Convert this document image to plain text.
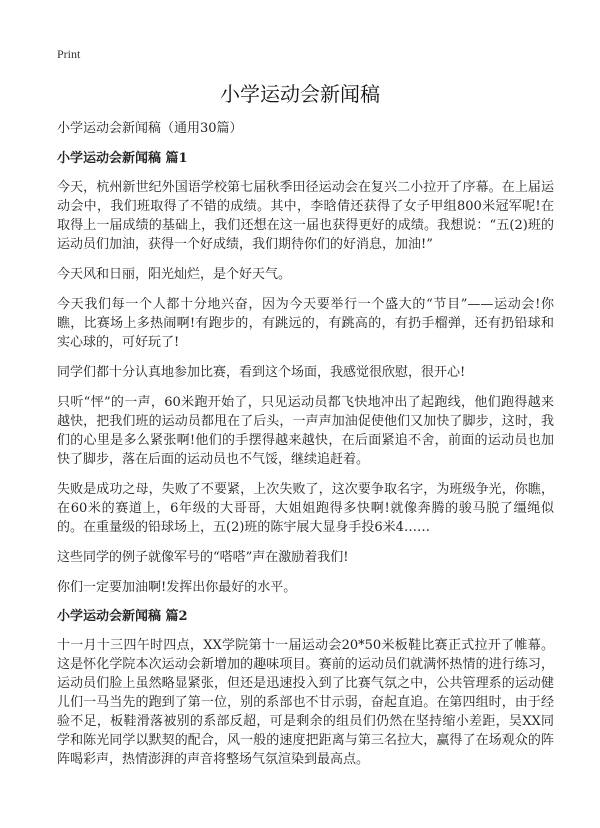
Print
小学运动会新闻稿
小学运动会新闻稿（通用30篇）
小学运动会新闻稿 篇1
今天，杭州新世纪外国语学校第七届秋季田径运动会在复兴二小拉开了序幕。在上届运动会中，我们班取得了不错的成绩。其中，李晗倩还获得了女子甲组800米冠军呢!在取得上一届成绩的基础上，我们还想在这一届也获得更好的成绩。我想说：“五(2)班的运动员们加油，获得一个好成绩，我们期待你们的好消息，加油!”
今天风和日丽，阳光灿烂，是个好天气。
今天我们每一个人都十分地兴奋，因为今天要举行一个盛大的“节目”——运动会!你瞧，比赛场上多热闹啊!有跑步的，有跳远的，有跳高的，有扔手榴弹，还有扔铅球和实心球的，可好玩了!
同学们都十分认真地参加比赛，看到这个场面，我感觉很欣慰，很开心!
只听“怦”的一声，60米跑开始了，只见运动员都飞快地冲出了起跑线，他们跑得越来越快，把我们班的运动员都甩在了后头，一声声加油促使他们又加快了脚步，这时，我们的心里是多么紧张啊!他们的手摆得越来越快，在后面紧追不舍，前面的运动员也加快了脚步，落在后面的运动员也不气馁，继续追赶着。
失败是成功之母，失败了不要紧，上次失败了，这次要争取名字，为班级争光，你瞧，在60米的赛道上，6年级的大哥哥，大姐姐跑得多快啊!就像奔腾的骏马脱了缰绳似的。在重量级的铅球场上，五(2)班的陈宇展大显身手投6米4……
这些同学的例子就像军号的“嗒嗒”声在激励着我们!
你们一定要加油啊!发挥出你最好的水平。
小学运动会新闻稿 篇2
十一月十三四午时四点，XX学院第十一届运动会20*50米板鞋比赛正式拉开了帷幕。这是怀化学院本次运动会新增加的趣味项目。赛前的运动员们就满怀热情的进行练习，运动员们脸上虽然略显紧张，但还是迅速投入到了比赛气氛之中，公共管理系的运动健儿们一马当先的跑到了第一位，别的系部也不甘示弱，奋起直追。在第四组时，由于经验不足，板鞋滑落被别的系部反超，可是剩余的组员们仍然在坚持缩小差距，吴XX同学和陈光同学以默契的配合，风一般的速度把距离与第三名拉大，赢得了在场观众的阵阵喝彩声，热情澎湃的声音将整场气氛渲染到最高点。
